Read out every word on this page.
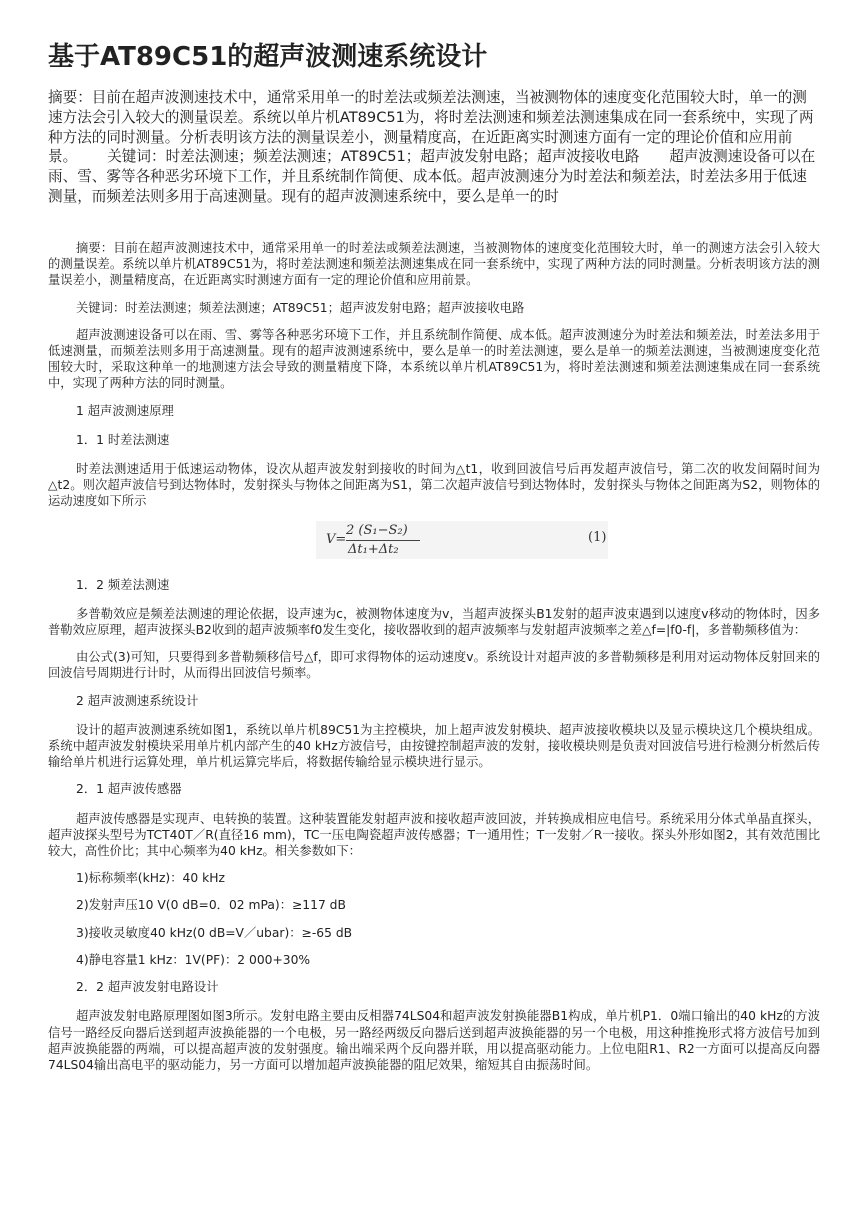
基于AT89C51的超声波测速系统设计
摘要：目前在超声波测速技术中，通常采用单一的时差法或频差法测速，当被测物体的速度变化范围较大时，单一的测速方法会引入较大的测量误差。系统以单片机AT89C51为，将时差法测速和频差法测速集成在同一套系统中，实现了两种方法的同时测量。分析表明该方法的测量误差小，测量精度高，在近距离实时测速方面有一定的理论价值和应用前景。 关键词：时差法测速；频差法测速；AT89C51；超声波发射电路；超声波接收电路 超声波测速设备可以在雨、雪、雾等各种恶劣环境下工作，并且系统制作简便、成本低。超声波测速分为时差法和频差法，时差法多用于低速测量，而频差法则多用于高速测量。现有的超声波测速系统中，要么是单一的时

摘要：目前在超声波测速技术中，通常采用单一的时差法或频差法测速，当被测物体的速度变化范围较大时，单一的测速方法会引入较大的测量误差。系统以单片机AT89C51为，将时差法测速和频差法测速集成在同一套系统中，实现了两种方法的同时测量。分析表明该方法的测量误差小，测量精度高，在近距离实时测速方面有一定的理论价值和应用前景。

关键词：时差法测速；频差法测速；AT89C51；超声波发射电路；超声波接收电路

超声波测速设备可以在雨、雪、雾等各种恶劣环境下工作，并且系统制作简便、成本低。超声波测速分为时差法和频差法，时差法多用于低速测量，而频差法则多用于高速测量。现有的超声波测速系统中，要么是单一的时差法测速，要么是单一的频差法测速，当被测速度变化范围较大时，采取这种单一的地测速方法会导致的测量精度下降，本系统以单片机AT89C51为，将时差法测速和频差法测速集成在同一套系统中，实现了两种方法的同时测量。

1 超声波测速原理

1．1 时差法测速

时差法测速适用于低速运动物体，设次从超声波发射到接收的时间为△t1，收到回波信号后再发超声波信号，第二次的收发间隔时间为△t2。则次超声波信号到达物体时，发射探头与物体之间距离为S1，第二次超声波信号到达物体时，发射探头与物体之间距离为S2，则物体的运动速度如下所示

V=
2 (S₁−S₂)
Δt₁+Δt₂
(1)

1．2 频差法测速

多普勒效应是频差法测速的理论依据，设声速为c，被测物体速度为v，当超声波探头B1发射的超声波束遇到以速度v移动的物体时，因多普勒效应原理，超声波探头B2收到的超声波频率f0发生变化，接收器收到的超声波频率与发射超声波频率之差△f=|f0-f|，多普勒频移值为：

由公式(3)可知，只要得到多普勒频移信号△f，即可求得物体的运动速度v。系统设计对超声波的多普勒频移是利用对运动物体反射回来的回波信号周期进行计时，从而得出回波信号频率。

2 超声波测速系统设计

设计的超声波测速系统如图1，系统以单片机89C51为主控模块，加上超声波发射模块、超声波接收模块以及显示模块这几个模块组成。系统中超声波发射模块采用单片机内部产生的40 kHz方波信号，由按键控制超声波的发射，接收模块则是负责对回波信号进行检测分析然后传输给单片机进行运算处理，单片机运算完毕后，将数据传输给显示模块进行显示。

2．1 超声波传感器

超声波传感器是实现声、电转换的装置。这种装置能发射超声波和接收超声波回波，并转换成相应电信号。系统采用分体式单晶直探头，超声波探头型号为TCT40T／R(直径16 mm)，TC一压电陶瓷超声波传感器；T一通用性；T一发射／R一接收。探头外形如图2，其有效范围比较大，高性价比；其中心频率为40 kHz。相关参数如下：

1)标称频率(kHz)：40 kHz

2)发射声压10 V(0 dB=0．02 mPa)：≥117 dB

3)接收灵敏度40 kHz(0 dB=V／ubar)：≥-65 dB

4)静电容量1 kHz：1V(PF)：2 000+30%

2．2 超声波发射电路设计

超声波发射电路原理图如图3所示。发射电路主要由反相器74LS04和超声波发射换能器B1构成，单片机P1．0端口输出的40 kHz的方波信号一路经反向器后送到超声波换能器的一个电极，另一路经两级反向器后送到超声波换能器的另一个电极，用这种推挽形式将方波信号加到超声波换能器的两端，可以提高超声波的发射强度。输出端采两个反向器并联，用以提高驱动能力。上位电阻R1、R2一方面可以提高反向器74LS04输出高电平的驱动能力，另一方面可以增加超声波换能器的阻尼效果，缩短其自由振荡时间。
